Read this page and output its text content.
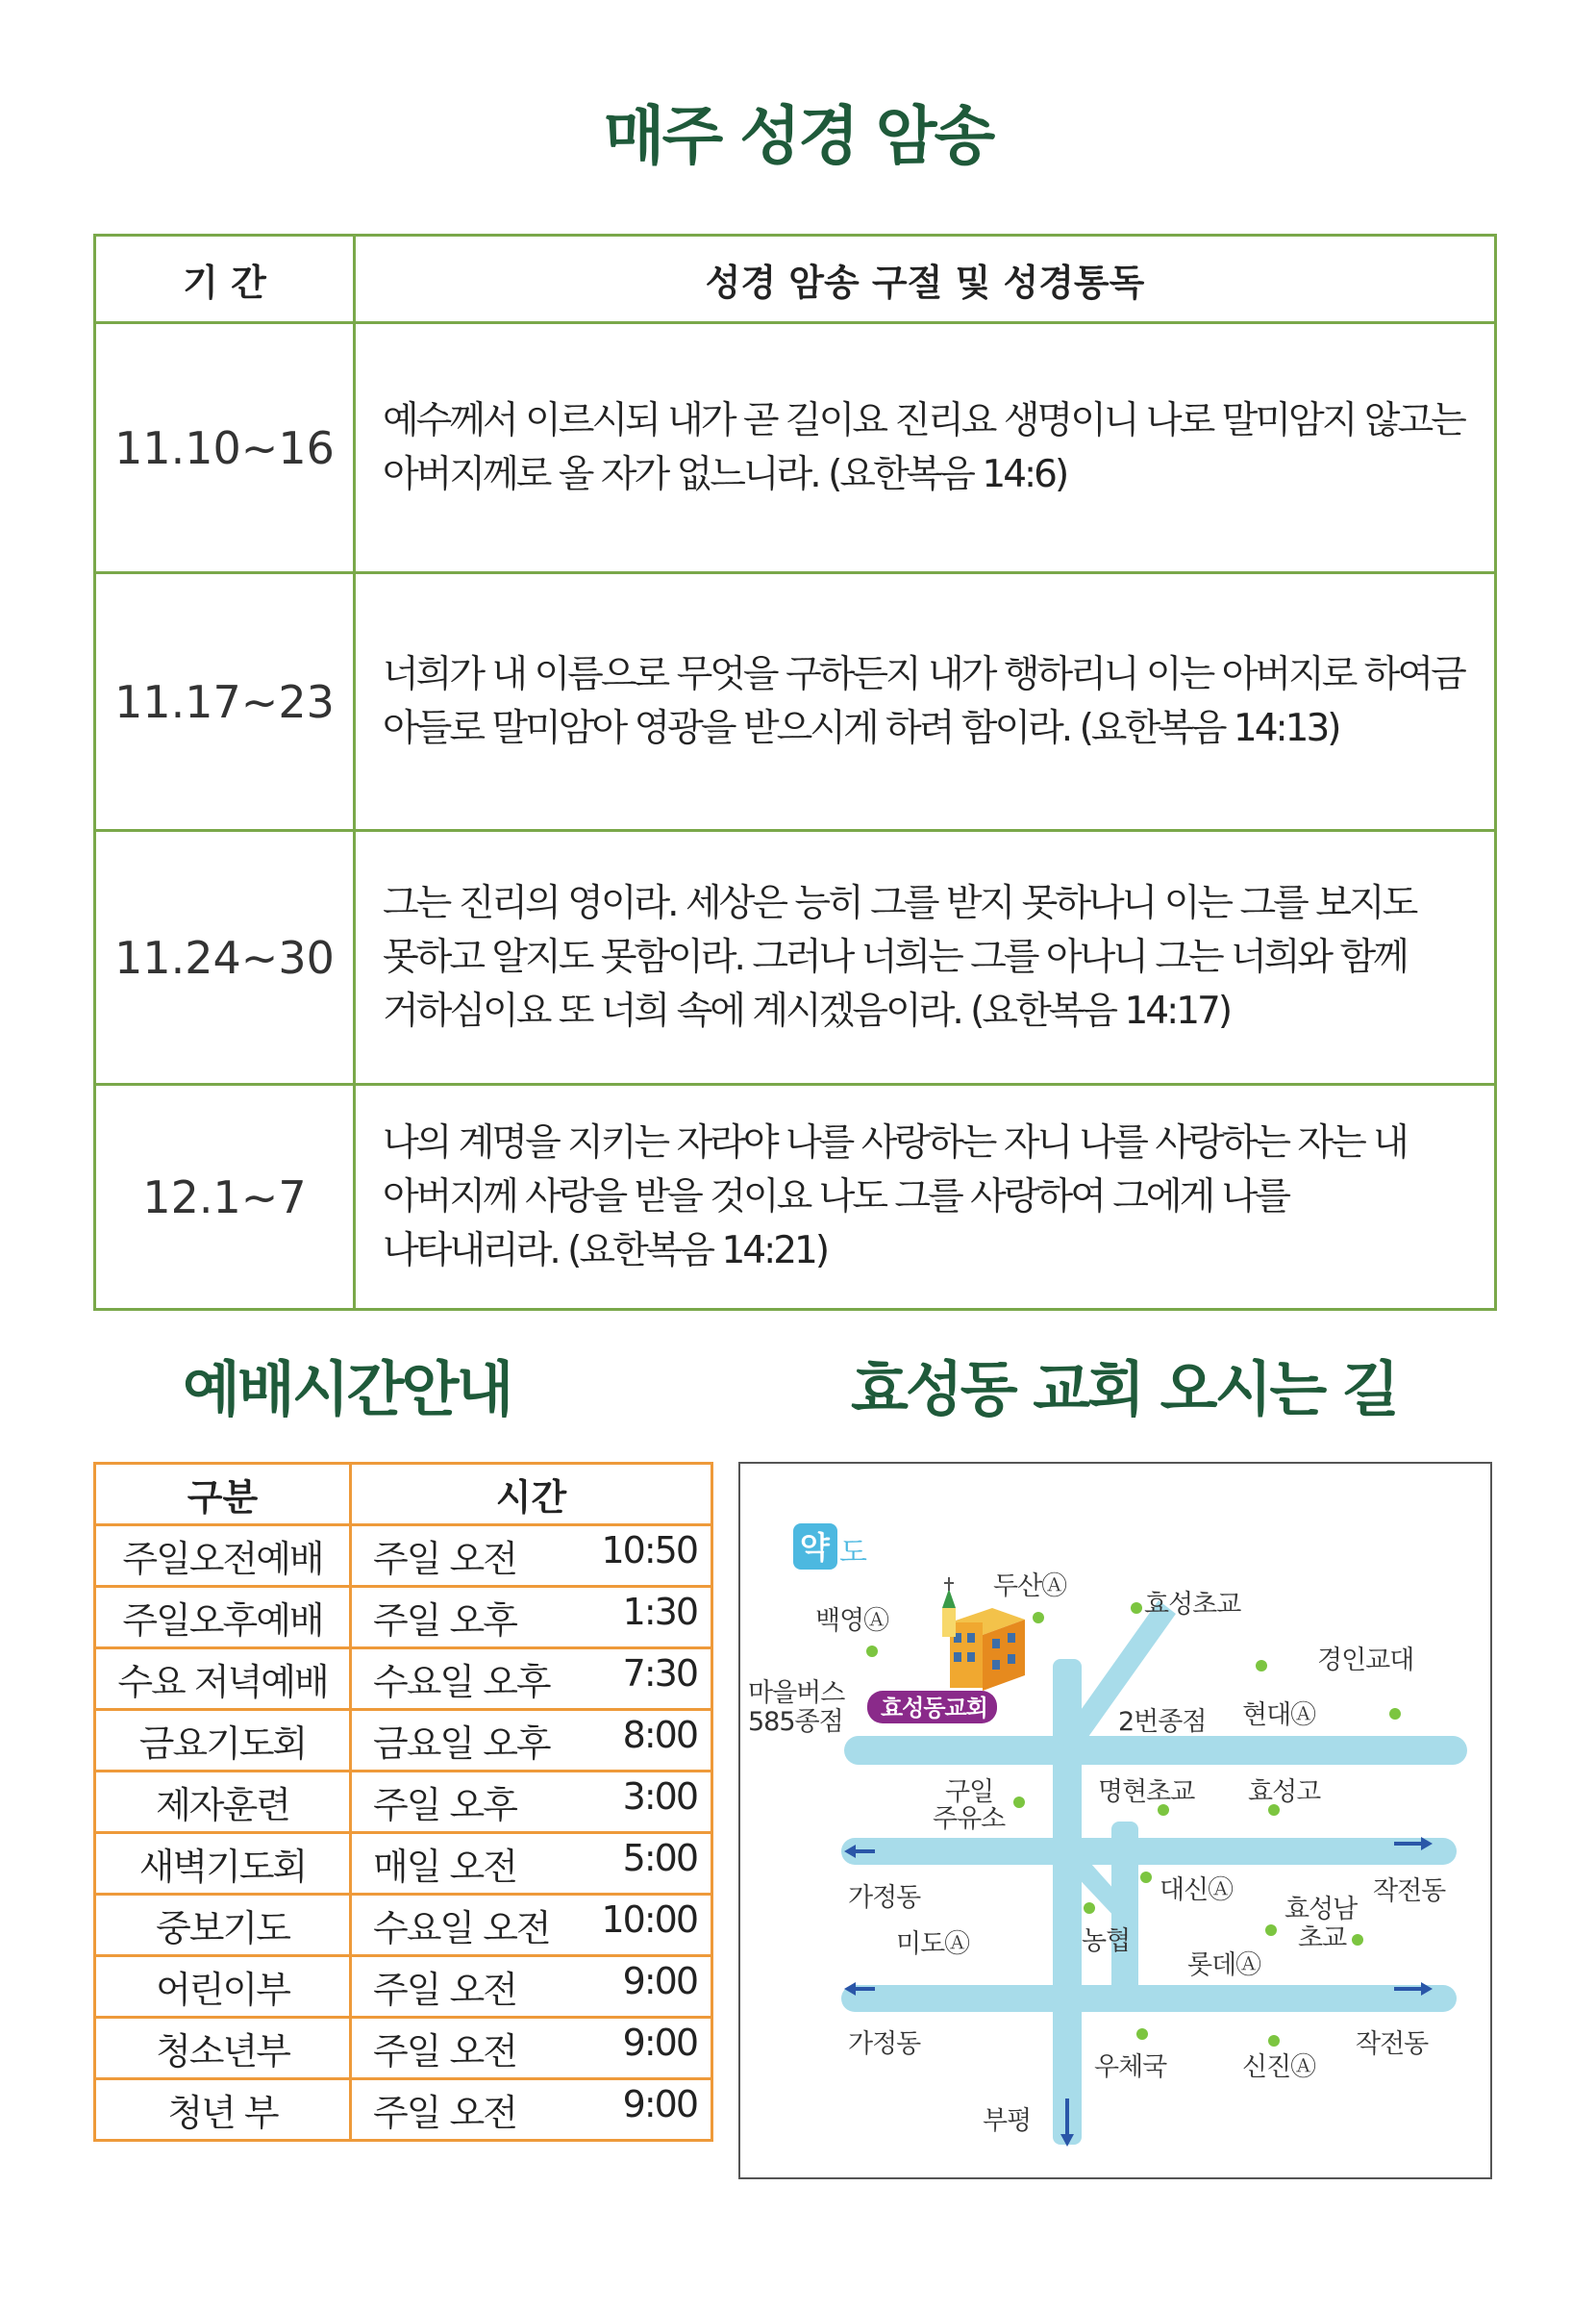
매주 성경 암송
기 간	성경 암송 구절 및 성경통독
11.10~16	예수께서 이르시되 내가 곧 길이요 진리요 생명이니 나로 말미암지 않고는 아버지께로 올 자가 없느니라. (요한복음 14:6)
11.17~23	너희가 내 이름으로 무엇을 구하든지 내가 행하리니 이는 아버지로 하여금 아들로 말미암아 영광을 받으시게 하려 함이라. (요한복음 14:13)
11.24~30	그는 진리의 영이라. 세상은 능히 그를 받지 못하나니 이는 그를 보지도 못하고 알지도 못함이라. 그러나 너희는 그를 아나니 그는 너희와 함께 거하심이요 또 너희 속에 계시겠음이라. (요한복음 14:17)
12.1~7	나의 계명을 지키는 자라야 나를 사랑하는 자니 나를 사랑하는 자는 내 아버지께 사랑을 받을 것이요 나도 그를 사랑하여 그에게 나를 나타내리라. (요한복음 14:21)
예배시간안내	효성동 교회 오시는 길
구분	시간
주일오전예배	주일 오전 10:50

주일오후예배	주일 오후 1:30

수요 저녁예배	수요일 오후 7:30

금요기도회	금요일 오후 8:00

제자훈련	주일 오후 3:00

새벽기도회	매일 오전 5:00

중보기도	수요일 오전 10:00

어린이부	주일 오전 9:00

청소년부	주일 오전 9:00

청년 부	주일 오전 9:00
약 도
효성동교회
두산Ⓐ
효성초교
백영Ⓐ
경인교대
마을버스
585종점	2번종점 현대Ⓐ
구일
주유소
명현초교 효성고
가정동	대신Ⓐ	작전동
효성남
초교
미도Ⓐ	농협
롯데Ⓐ
가정동	작전동
우체국	신진Ⓐ
부평
